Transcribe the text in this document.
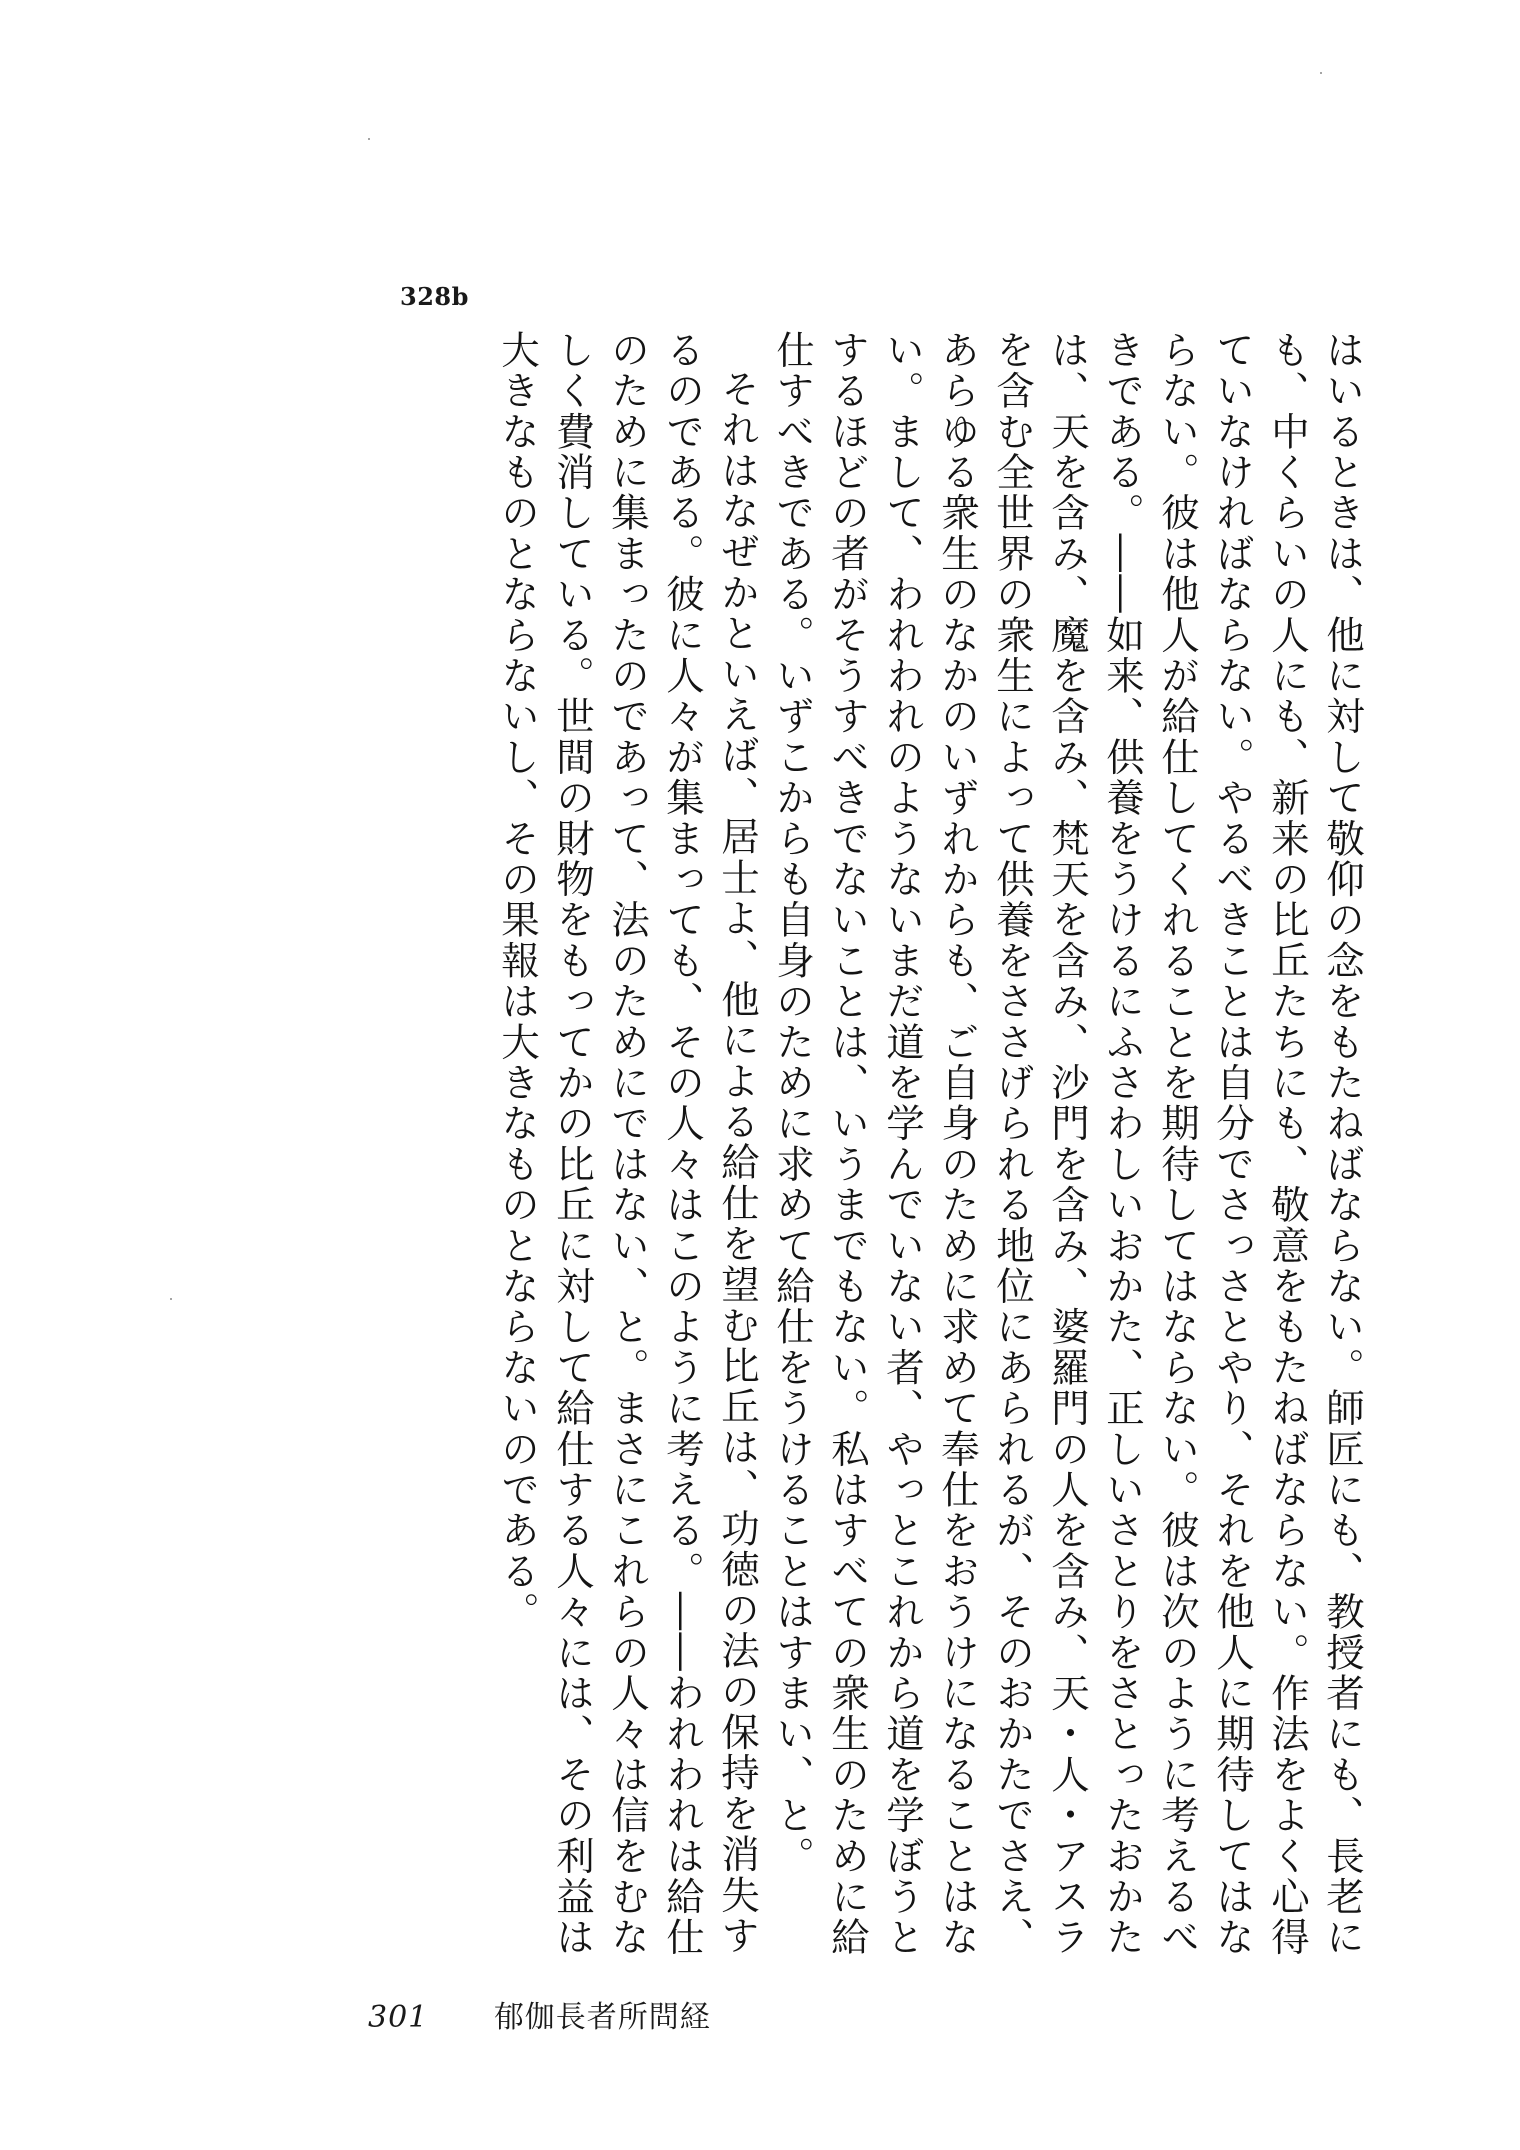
328b

はいるときは、他に対して敬仰の念をもたねばならない。師匠にも、教授者にも、長老にも、中くらいの人にも、新来の比丘たちにも、敬意をもたねばならない。作法をよく心得ていなければならない。やるべきことは自分でさっさとやり、それを他人に期待してはならない。彼は他人が給仕してくれることを期待してはならない。彼は次のように考えるべきである。――如来、供養をうけるにふさわしいおかた、正しいさとりをさとったおかたは、天を含み、魔を含み、梵天を含み、沙門を含み、婆羅門の人を含み、天・人・アスラを含む全世界の衆生によって供養をささげられる地位にあられるが、そのおかたでさえ、あらゆる衆生のなかのいずれからも、ご自身のために求めて奉仕をおうけになることはない。まして、われわれのようないまだ道を学んでいない者、やっとこれから道を学ぼうとするほどの者がそうすべきでないことは、いうまでもない。私はすべての衆生のために給仕すべきである。いずこからも自身のために求めて給仕をうけることはすまい、と。

それはなぜかといえば、居士よ、他による給仕を望む比丘は、功徳の法の保持を消失するのである。彼に人々が集まっても、その人々はこのように考える。――われわれは給仕のために集まったのであって、法のためにではない、と。まさにこれらの人々は信をむなしく費消している。世間の財物をもってかの比丘に対して給仕する人々には、その利益は大きなものとならないし、その果報は大きなものとならないのである。

301 郁伽長者所問経
